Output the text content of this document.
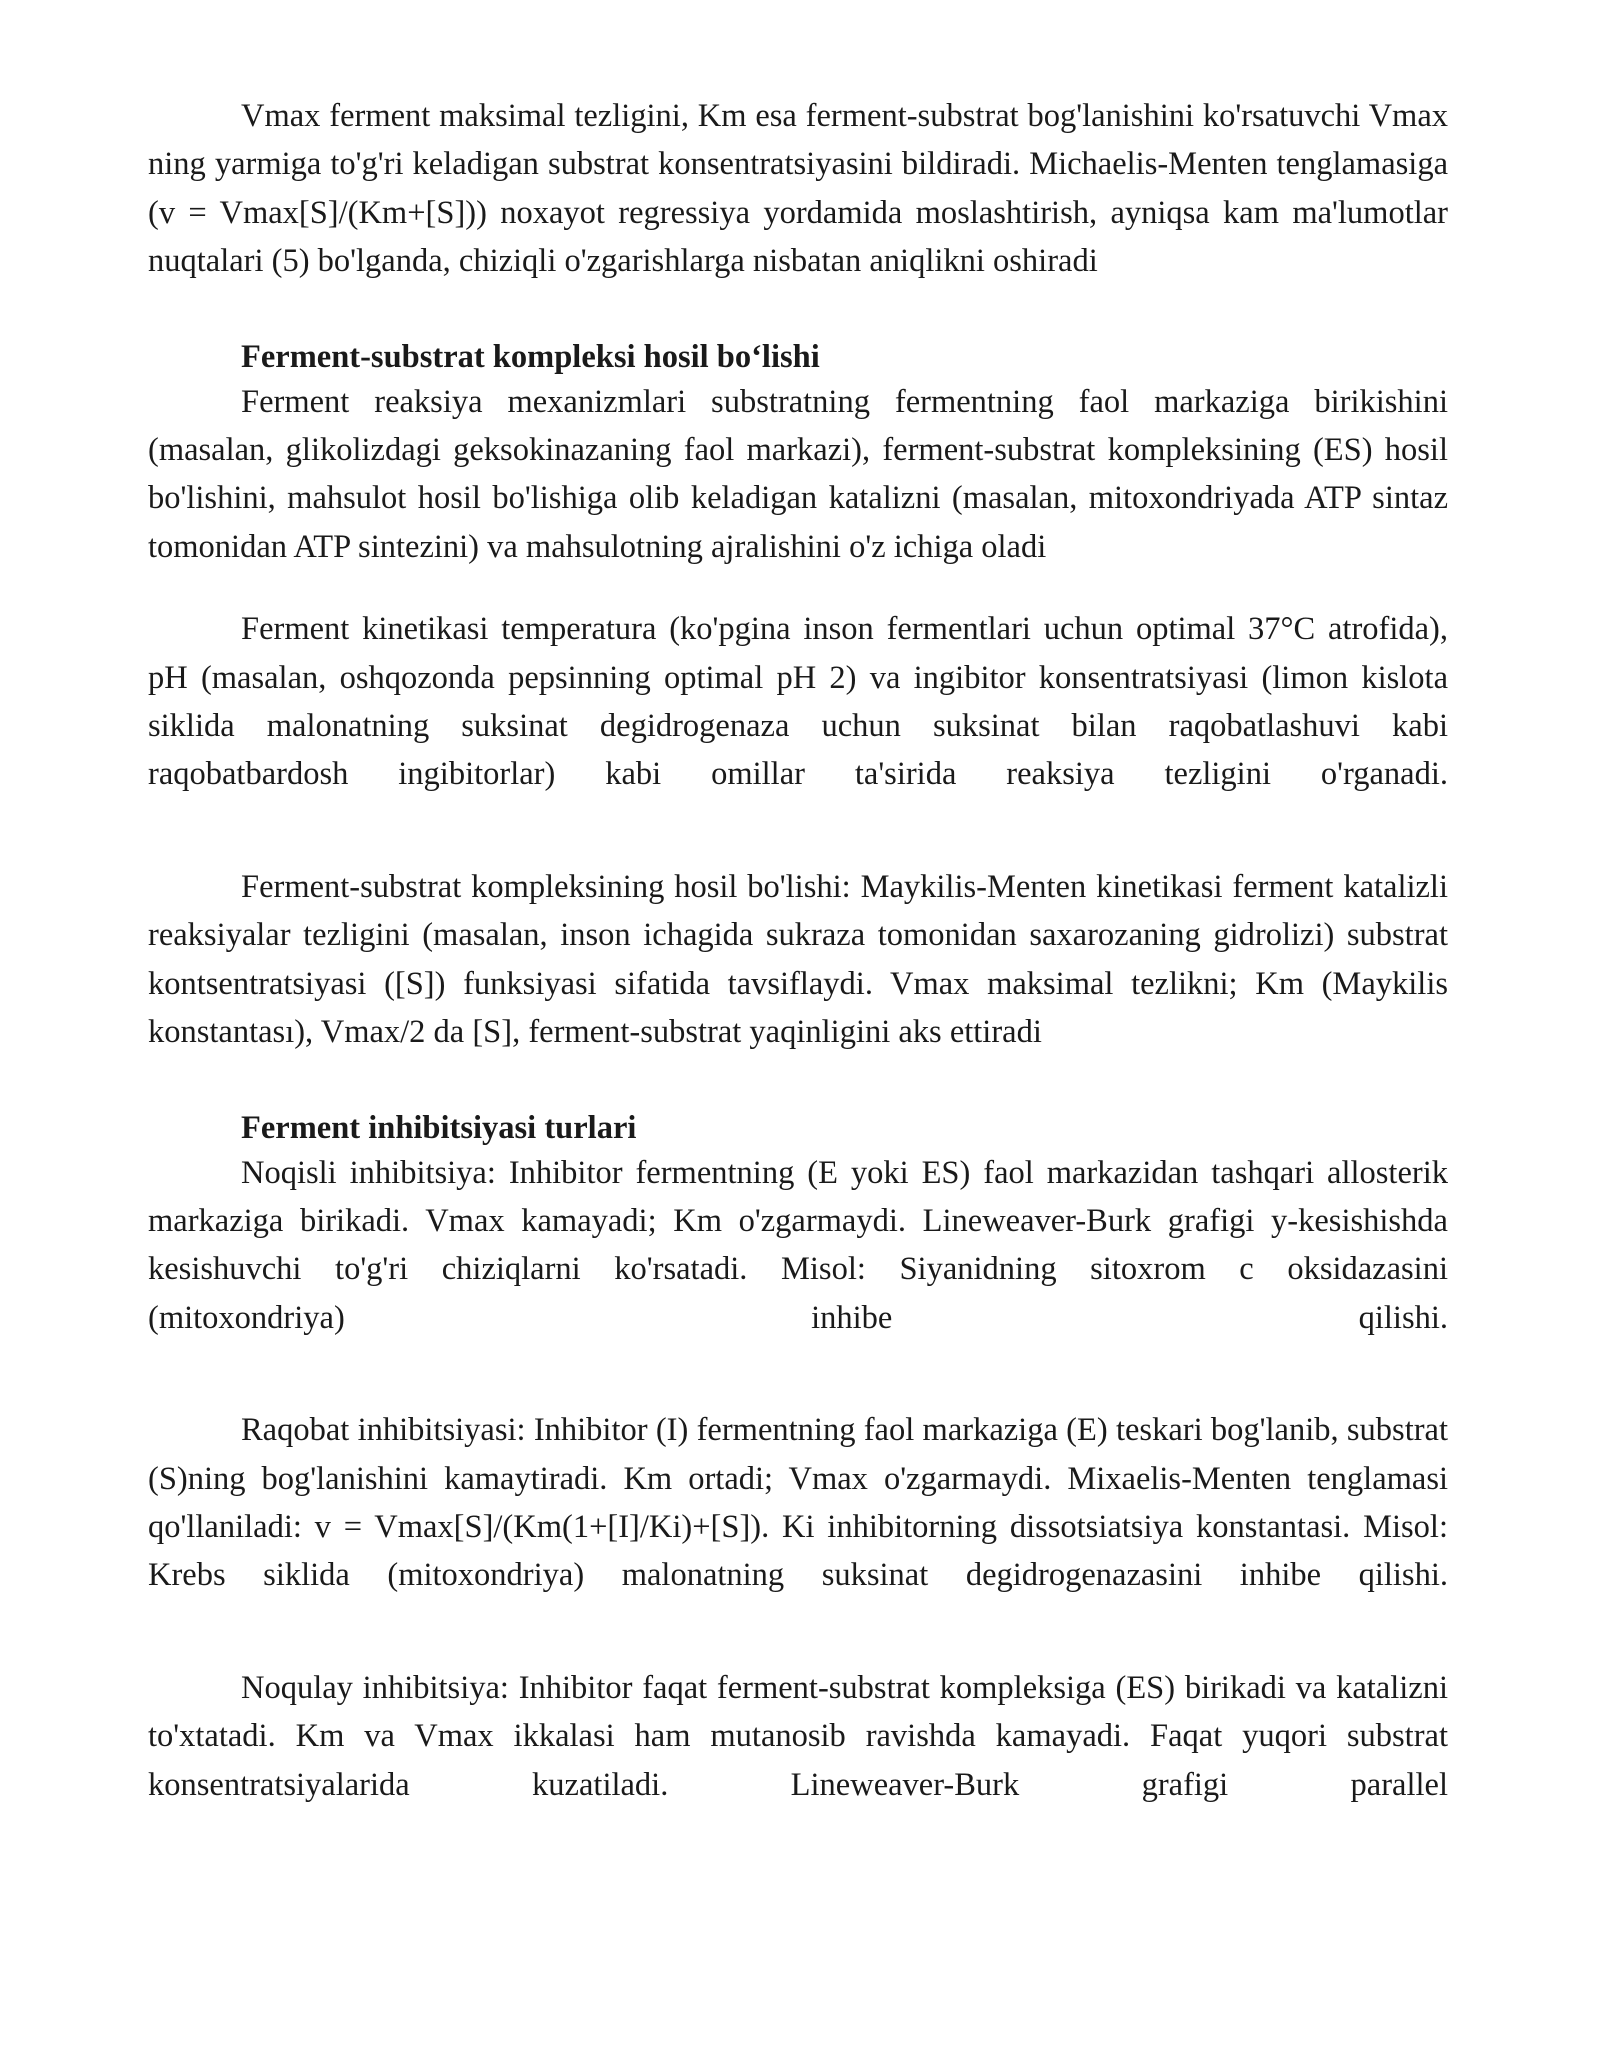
Vmax ferment maksimal tezligini, Km esa ferment-substrat bog'lanishini ko'rsatuvchi Vmax ning yarmiga to'g'ri keladigan substrat konsentratsiyasini bildiradi. Michaelis-Menten tenglamasiga (v = Vmax[S]/(Km+[S])) noxayot regressiya yordamida moslashtirish, ayniqsa kam ma'lumotlar nuqtalari (5) bo'lganda, chiziqli o'zgarishlarga nisbatan aniqlikni oshiradi

Ferment-substrat kompleksi hosil bo‘lishi

Ferment reaksiya mexanizmlari substratning fermentning faol markaziga birikishini (masalan, glikolizdagi geksokinazaning faol markazi), ferment-substrat kompleksining (ES) hosil bo'lishini, mahsulot hosil bo'lishiga olib keladigan katalizni (masalan, mitoxondriyada ATP sintaz tomonidan ATP sintezini) va mahsulotning ajralishini o'z ichiga oladi

Ferment kinetikasi temperatura (ko'pgina inson fermentlari uchun optimal 37°C atrofida), pH (masalan, oshqozonda pepsinning optimal pH 2) va ingibitor konsentratsiyasi (limon kislota siklida malonatning suksinat degidrogenaza uchun suksinat bilan raqobatlashuvi kabi raqobatbardosh ingibitorlar) kabi omillar ta'sirida reaksiya tezligini o'rganadi.

Ferment-substrat kompleksining hosil bo'lishi: Maykilis-Menten kinetikasi ferment katalizli reaksiyalar tezligini (masalan, inson ichagida sukraza tomonidan saxarozaning gidrolizi) substrat kontsentratsiyasi ([S]) funksiyasi sifatida tavsiflaydi. Vmax maksimal tezlikni; Km (Maykilis konstantası), Vmax/2 da [S], ferment-substrat yaqinligini aks ettiradi

Ferment inhibitsiyasi turlari

Noqisli inhibitsiya: Inhibitor fermentning (E yoki ES) faol markazidan tashqari allosterik markaziga birikadi. Vmax kamayadi; Km o'zgarmaydi. Lineweaver-Burk grafigi y-kesishishda kesishuvchi to'g'ri chiziqlarni ko'rsatadi. Misol: Siyanidning sitoxrom c oksidazasini (mitoxondriya) inhibe qilishi.

Raqobat inhibitsiyasi: Inhibitor (I) fermentning faol markaziga (E) teskari bog'lanib, substrat (S)ning bog'lanishini kamaytiradi. Km ortadi; Vmax o'zgarmaydi. Mixaelis-Menten tenglamasi qo'llaniladi: v = Vmax[S]/(Km(1+[I]/Ki)+[S]). Ki inhibitorning dissotsiatsiya konstantasi. Misol: Krebs siklida (mitoxondriya) malonatning suksinat degidrogenazasini inhibe qilishi.

Noqulay inhibitsiya: Inhibitor faqat ferment-substrat kompleksiga (ES) birikadi va katalizni to'xtatadi. Km va Vmax ikkalasi ham mutanosib ravishda kamayadi. Faqat yuqori substrat konsentratsiyalarida kuzatiladi. Lineweaver-Burk grafigi parallel
